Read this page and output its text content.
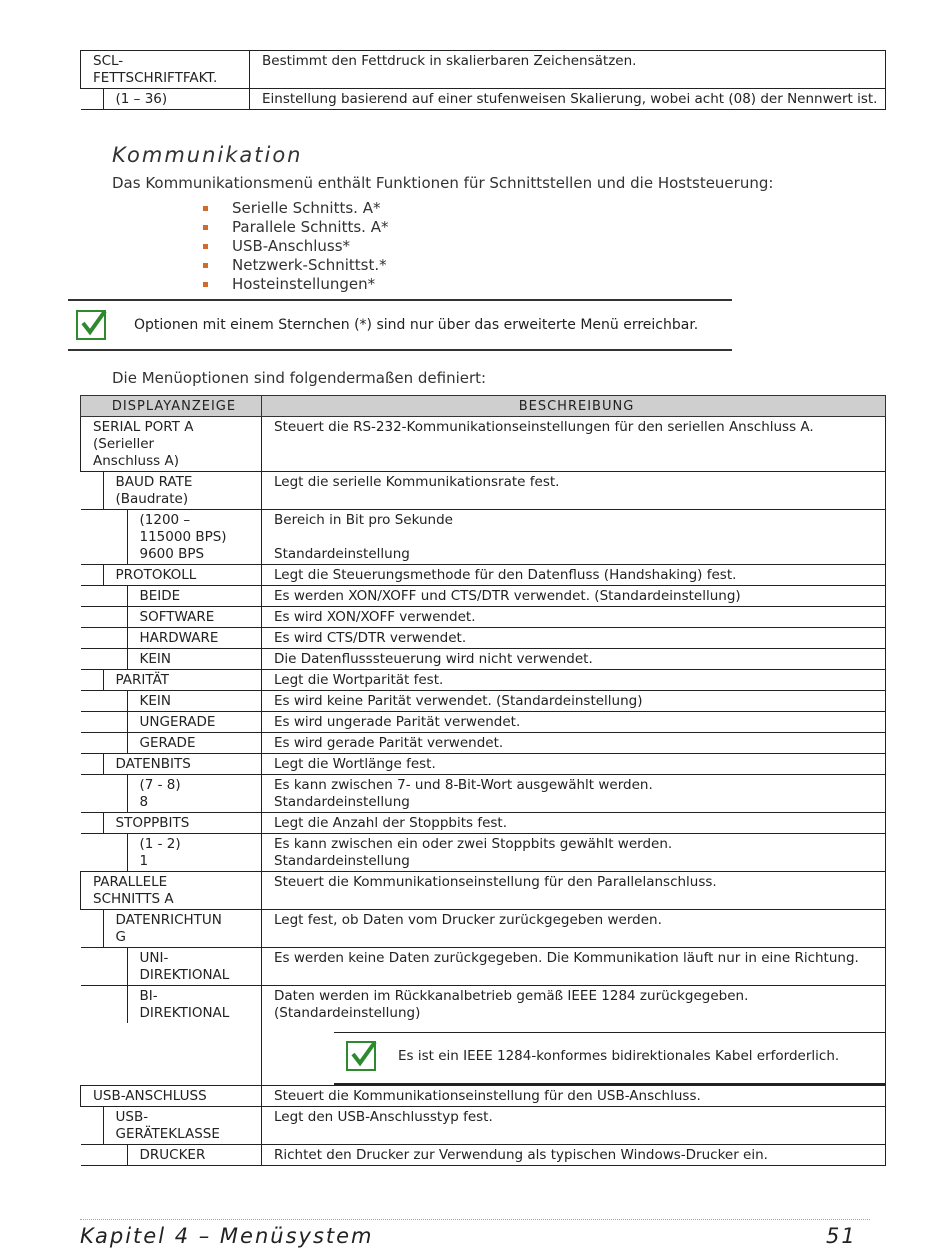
SCL-
FETTSCHRIFTFAKT.	Bestimmt den Fettdruck in skalierbaren Zeichensätzen.

(1 – 36)	Einstellung basierend auf einer stufenweisen Skalierung, wobei acht (08) der Nennwert ist.
Kommunikation
Das Kommunikationsmenü enthält Funktionen für Schnittstellen und die Hoststeuerung:
Serielle Schnitts. A*
Parallele Schnitts. A*
USB-Anschluss*
Netzwerk-Schnittst.*
Hosteinstellungen*
Optionen mit einem Sternchen (*) sind nur über das erweiterte Menü erreichbar.
Die Menüoptionen sind folgendermaßen definiert:
DISPLAYANZEIGE	BESCHREIBUNG

SERIAL PORT A
(Serieller
Anschluss A)	Steuert die RS-232-Kommunikationseinstellungen für den seriellen Anschluss A.

BAUD RATE
(Baudrate)	Legt die serielle Kommunikationsrate fest.

(1200 –
115000 BPS)
9600 BPS	Bereich in Bit pro Sekunde

Standardeinstellung

PROTOKOLL	Legt die Steuerungsmethode für den Datenfluss (Handshaking) fest.

BEIDE	Es werden XON/XOFF und CTS/DTR verwendet. (Standardeinstellung)

SOFTWARE	Es wird XON/XOFF verwendet.

HARDWARE	Es wird CTS/DTR verwendet.

KEIN	Die Datenflusssteuerung wird nicht verwendet.

PARITÄT	Legt die Wortparität fest.

KEIN	Es wird keine Parität verwendet. (Standardeinstellung)

UNGERADE	Es wird ungerade Parität verwendet.

GERADE	Es wird gerade Parität verwendet.

DATENBITS	Legt die Wortlänge fest.

(7 - 8)
8	Es kann zwischen 7- und 8-Bit-Wort ausgewählt werden.
Standardeinstellung

STOPPBITS	Legt die Anzahl der Stoppbits fest.

(1 - 2)
1	Es kann zwischen ein oder zwei Stoppbits gewählt werden.
Standardeinstellung

PARALLELE
SCHNITTS A	Steuert die Kommunikationseinstellung für den Parallelanschluss.

DATENRICHTUN
G	Legt fest, ob Daten vom Drucker zurückgegeben werden.

UNI-
DIREKTIONAL	Es werden keine Daten zurückgegeben. Die Kommunikation läuft nur in eine Richtung.

BI-
DIREKTIONAL	Daten werden im Rückkanalbetrieb gemäß IEEE 1284 zurückgegeben. (Standardeinstellung)
Es ist ein IEEE 1284-konformes bidirektionales Kabel erforderlich.

USB-ANSCHLUSS	Steuert die Kommunikationseinstellung für den USB-Anschluss.

USB-
GERÄTEKLASSE	Legt den USB-Anschlusstyp fest.

DRUCKER	Richtet den Drucker zur Verwendung als typischen Windows-Drucker ein.
Kapitel 4 – Menüsystem	51
